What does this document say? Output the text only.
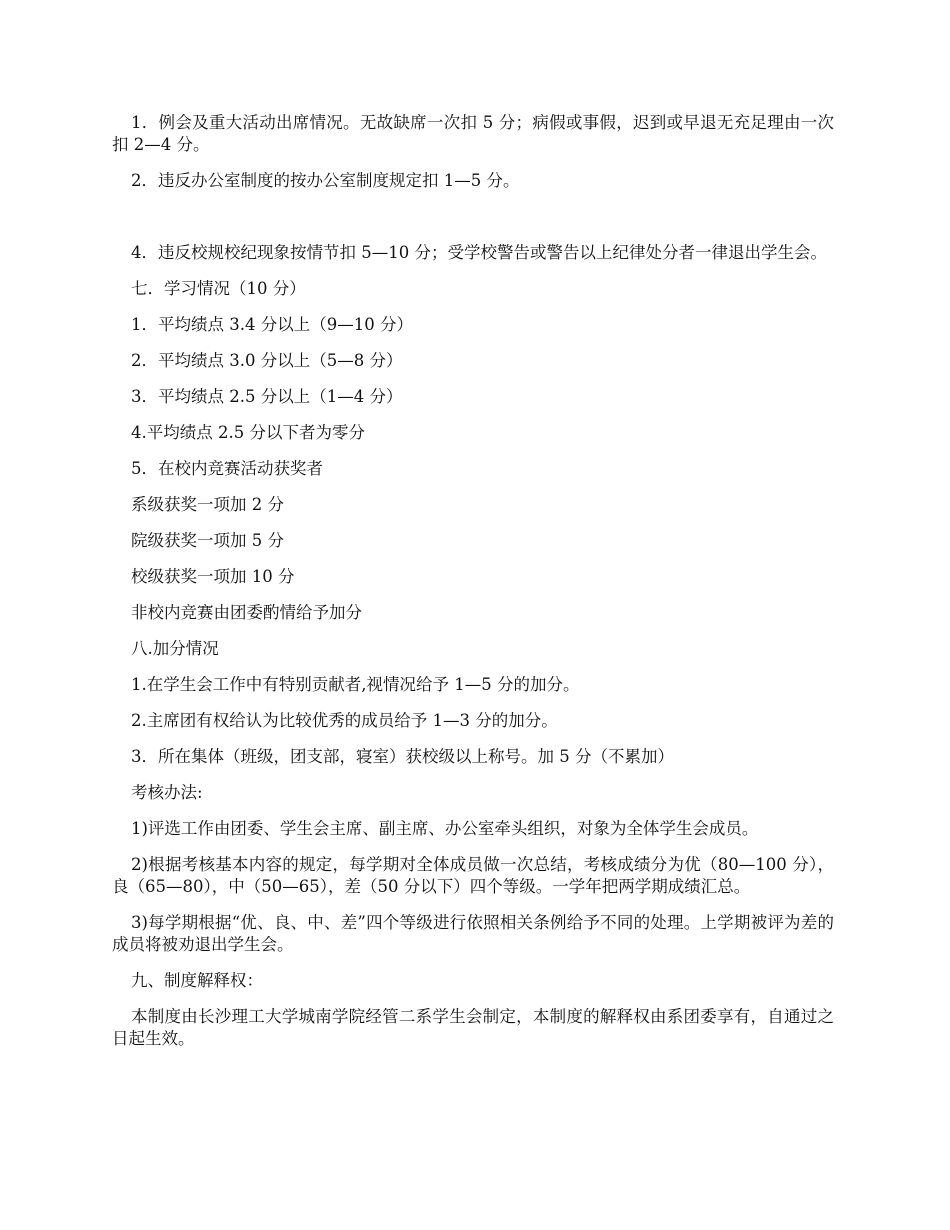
1．例会及重大活动出席情况。无故缺席一次扣 5 分；病假或事假，迟到或早退无充足理由一次扣 2—4 分。

2．违反办公室制度的按办公室制度规定扣 1—5 分。

4．违反校规校纪现象按情节扣 5—10 分；受学校警告或警告以上纪律处分者一律退出学生会。

七．学习情况（10 分）

1．平均绩点 3.4 分以上（9—10 分）

2．平均绩点 3.0 分以上（5—8 分）

3．平均绩点 2.5 分以上（1—4 分）

4.平均绩点 2.5 分以下者为零分

5．在校内竞赛活动获奖者

系级获奖一项加 2 分

院级获奖一项加 5 分

校级获奖一项加 10 分

非校内竞赛由团委酌情给予加分

八.加分情况

1.在学生会工作中有特别贡献者,视情况给予 1—5 分的加分。

2.主席团有权给认为比较优秀的成员给予 1—3 分的加分。

3．所在集体（班级，团支部，寝室）获校级以上称号。加 5 分（不累加）

考核办法:

1)评选工作由团委、学生会主席、副主席、办公室牵头组织，对象为全体学生会成员。

2)根据考核基本内容的规定，每学期对全体成员做一次总结，考核成绩分为优（80—100 分），良（65—80），中（50—65），差（50 分以下）四个等级。一学年把两学期成绩汇总。

3)每学期根据“优、良、中、差”四个等级进行依照相关条例给予不同的处理。上学期被评为差的成员将被劝退出学生会。

九、制度解释权：

本制度由长沙理工大学城南学院经管二系学生会制定，本制度的解释权由系团委享有，自通过之日起生效。
